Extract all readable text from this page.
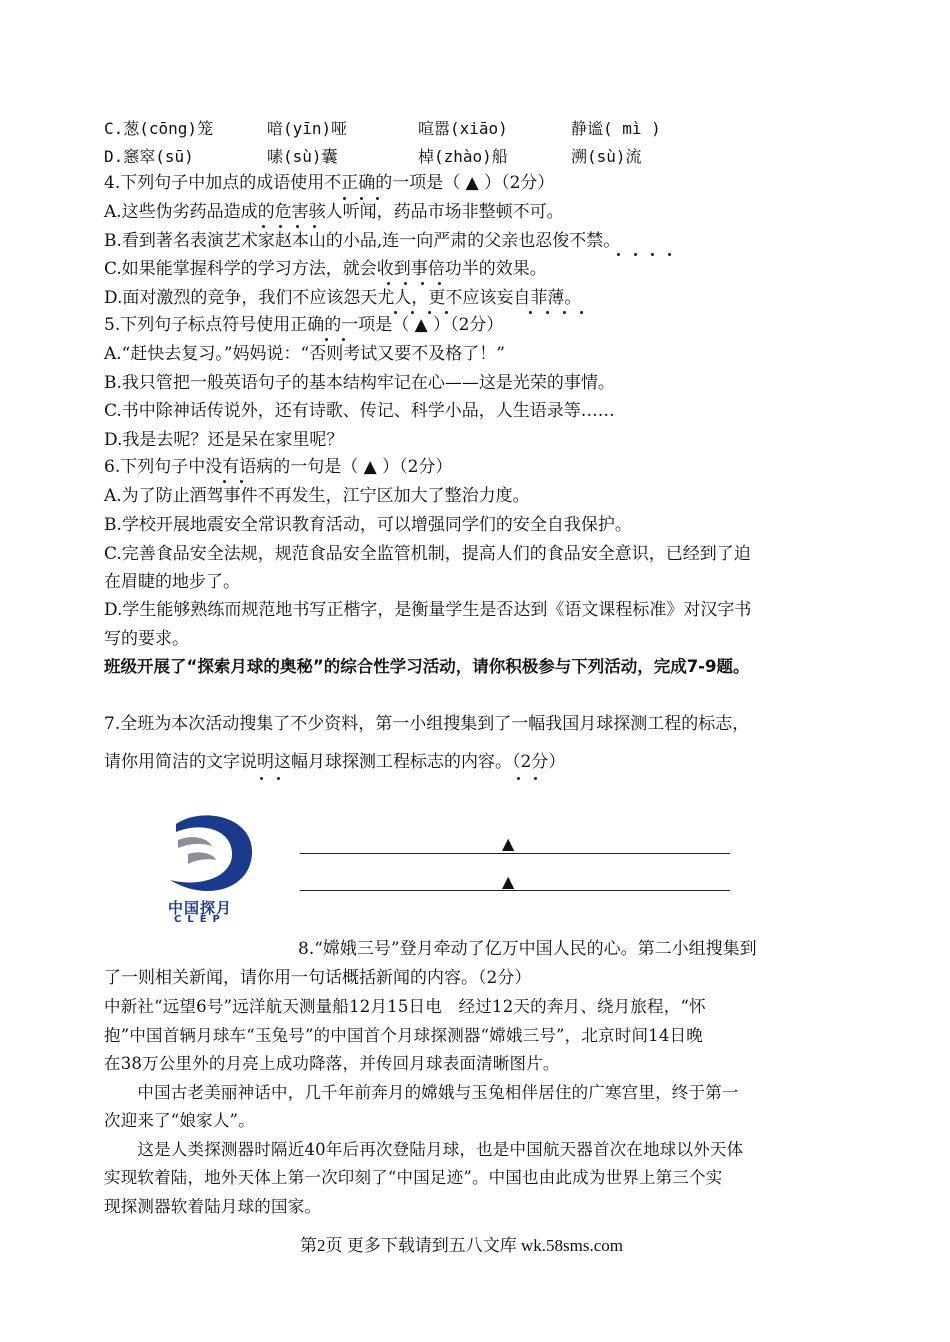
C.葱(cōng)笼	喑(yīn)哑	喧嚣(xiāo)	静谧( mì )
D.窸窣(sū)	嗉(sù)囊	棹(zhào)船	溯(sù)流
4.下列句子中加点的成语使用不正确的一项是（ ▲ ）（2分）
A.这些伪劣药品造成的危害骇人听闻，药品市场非整顿不可。
B.看到著名表演艺术家赵本山的小品,连一向严肃的父亲也忍俊不禁。
C.如果能掌握科学的学习方法，就会收到事倍功半的效果。
D.面对激烈的竞争，我们不应该怨天尤人，更不应该妄自菲薄。
5.下列句子标点符号使用正确的一项是（ ▲ ）（2分）
A.“赶快去复习。”妈妈说：“否则考试又要不及格了！”
B.我只管把一般英语句子的基本结构牢记在心——这是光荣的事情。
C.书中除神话传说外，还有诗歌、传记、科学小品，人生语录等……
D.我是去呢？还是呆在家里呢？
6.下列句子中没有语病的一句是（ ▲ ）（2分）
A.为了防止酒驾事件不再发生，江宁区加大了整治力度。
B.学校开展地震安全常识教育活动，可以增强同学们的安全自我保护。
C.完善食品安全法规，规范食品安全监管机制，提高人们的食品安全意识，已经到了迫
在眉睫的地步了。
D.学生能够熟练而规范地书写正楷字，是衡量学生是否达到《语文课程标准》对汉字书
写的要求。
班级开展了“探索月球的奥秘”的综合性学习活动，请你积极参与下列活动，完成7-9题。
7.全班为本次活动搜集了不少资料，第一小组搜集到了一幅我国月球探测工程的标志，
请你用简洁的文字说明这幅月球探测工程标志的内容。（2分）
中国探月
CLEP
▲
▲
8.“嫦娥三号”登月牵动了亿万中国人民的心。第二小组搜集到
了一则相关新闻，请你用一句话概括新闻的内容。（2分）
中新社“远望6号”远洋航天测量船12月15日电　经过12天的奔月、绕月旅程，“怀
抱”中国首辆月球车“玉兔号”的中国首个月球探测器“嫦娥三号”，北京时间14日晚
在38万公里外的月亮上成功降落，并传回月球表面清晰图片。
　　中国古老美丽神话中，几千年前奔月的嫦娥与玉兔相伴居住的广寒宫里，终于第一
次迎来了“娘家人”。
　　这是人类探测器时隔近40年后再次登陆月球，也是中国航天器首次在地球以外天体
实现软着陆，地外天体上第一次印刻了“中国足迹”。中国也由此成为世界上第三个实
现探测器软着陆月球的国家。
第2页 更多下载请到五八文库 wk.58sms.com
